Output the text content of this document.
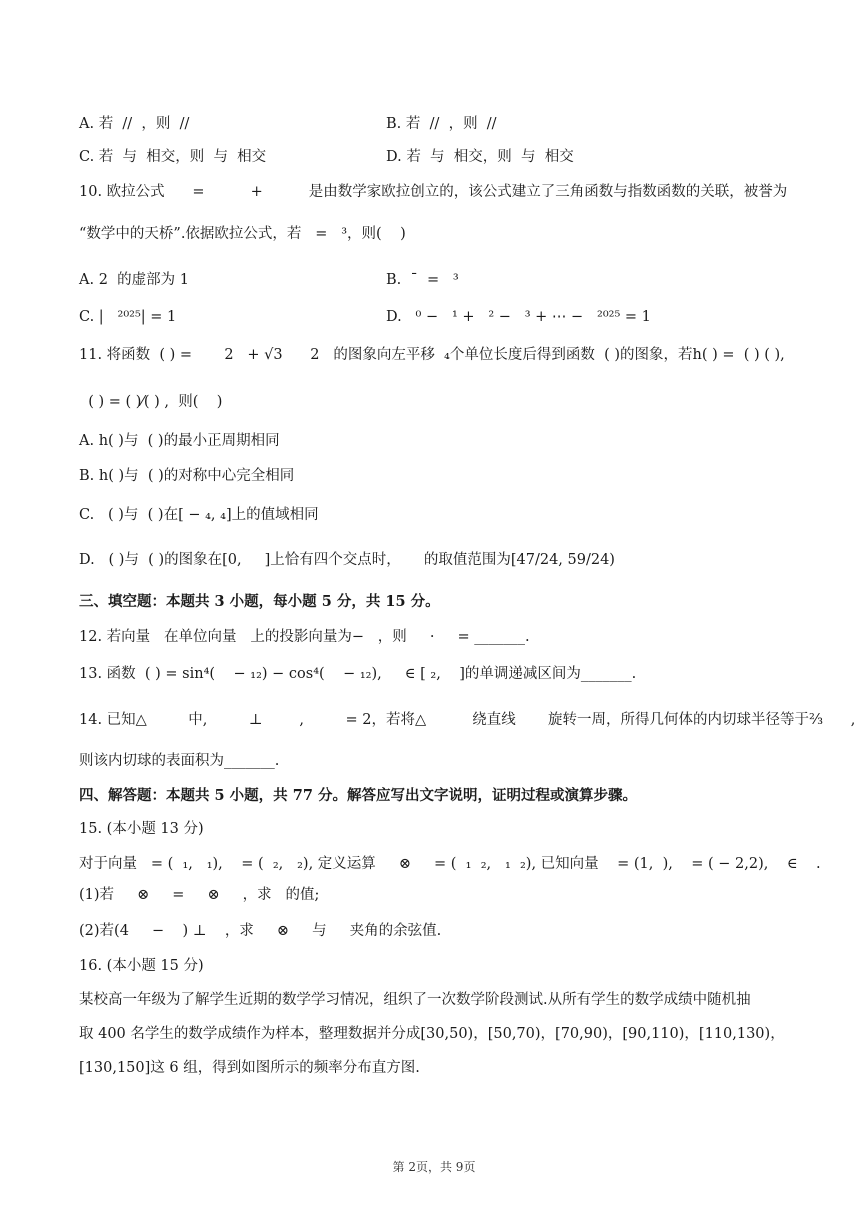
A. 若  //  ，则  //	B. 若  //  ，则  //
C. 若  与  相交，则  与  相交	D. 若  与  相交，则  与  相交
10. 欧拉公式      =          +          是由数学家欧拉创立的，该公式建立了三角函数与指数函数的关联，被誉为
“数学中的天桥”.依据欧拉公式，若   =   ³，则(    )
A. 2  的虚部为 1	B.  ¯  =   ³
C. |   ²⁰²⁵| = 1	D.   ⁰ −   ¹ +   ² −   ³ + ⋯ −   ²⁰²⁵ = 1
11. 将函数  ( ) =       2   + √3      2   的图象向左平移  ₄个单位长度后得到函数  ( )的图象，若h( ) =  ( ) ( ),
( ) = ( )⁄( ) ,  则(    )
A. h( )与  ( )的最小正周期相同
B. h( )与  ( )的对称中心完全相同
C.   ( )与  ( )在[ − ₄, ₄]上的值域相同
D.   ( )与  ( )的图象在[0,     ]上恰有四个交点时，     的取值范围为[47/24, 59/24)
三、填空题：本题共 3 小题，每小题 5 分，共 15 分。
12. 若向量   在单位向量   上的投影向量为−   ，则     ·     = _______.
13. 函数  ( ) = sin⁴(    − ₁₂) − cos⁴(    − ₁₂),     ∈ [ ₂,    ]的单调递减区间为_______.
14. 已知△         中,         ⊥        ,         = 2，若将△          绕直线       旋转一周，所得几何体的内切球半径等于⅔      ,
则该内切球的表面积为_______.
四、解答题：本题共 5 小题，共 77 分。解答应写出文字说明，证明过程或演算步骤。
15. (本小题 13 分)
对于向量   = (  ₁,   ₁),    = (  ₂,   ₂), 定义运算     ⊗     = (  ₁  ₂,   ₁  ₂), 已知向量    = (1,  ),    = ( − 2,2),    ∈    .
(1)若     ⊗     =     ⊗     ，求   的值;
(2)若(4     −    ) ⊥    ，求     ⊗     与     夹角的余弦值.
16. (本小题 15 分)
某校高一年级为了解学生近期的数学学习情况，组织了一次数学阶段测试.从所有学生的数学成绩中随机抽
取 400 名学生的数学成绩作为样本，整理数据并分成[30,50)，[50,70)，[70,90)，[90,110)，[110,130)，
[130,150]这 6 组，得到如图所示的频率分布直方图.
第 2页，共 9页
